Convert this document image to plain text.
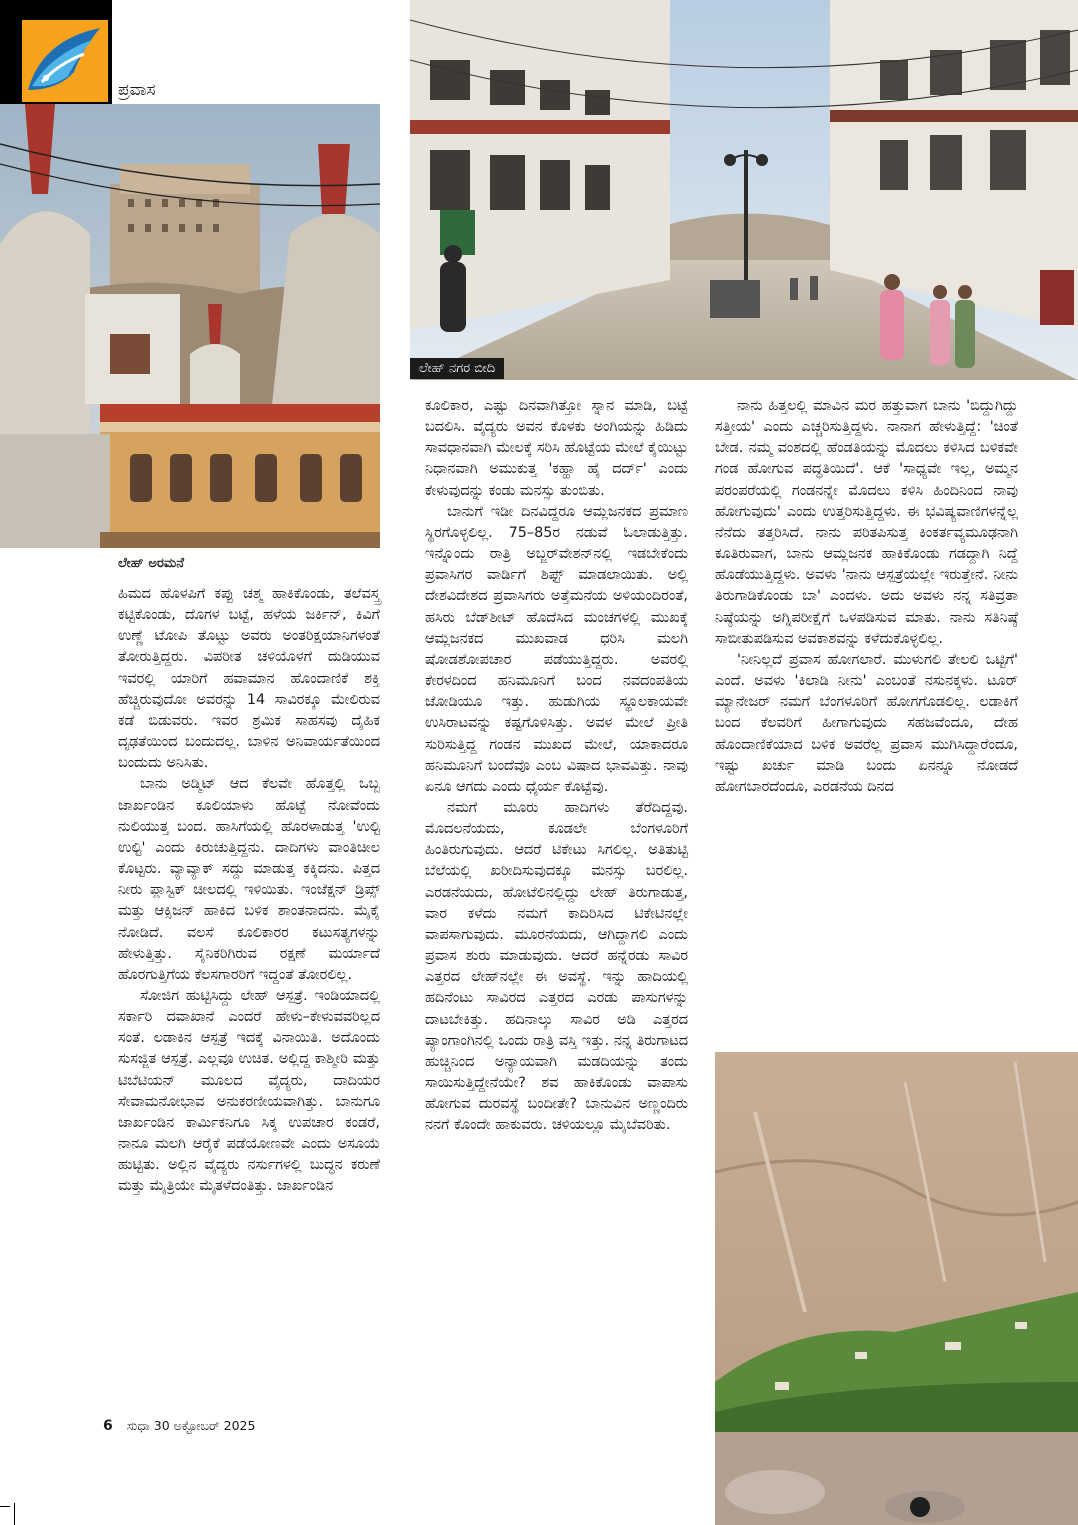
ಪ್ರವಾಸ
ಲೇಹ್ ಅರಮನೆ
ಲೇಹ್ ನಗರ ಬೀದಿ

ಹಿಮದ ಹೊಳಪಿಗೆ ಕಪ್ಪು ಚಶ್ಮ ಹಾಕಿಕೊಂಡು, ತಲೆವಸ್ತ್ರ ಕಟ್ಟಿಕೊಂಡು, ದೊಗಳ ಬಟ್ಟೆ, ಹಳೆಯ ಜರ್ಕಿನ್, ಕಿವಿಗೆ ಉಣ್ಣೆ ಟೋಪಿ ತೊಟ್ಟು ಅವರು ಅಂತರಿಕ್ಷಯಾನಿಗಳಂತೆ ತೋರುತ್ತಿದ್ದರು. ವಿಪರೀತ ಚಳಿಯೊಳಗೆ ದುಡಿಯುವ ಇವರಲ್ಲಿ ಯಾರಿಗೆ ಹವಾಮಾನ ಹೊಂದಾಣಿಕೆ ಶಕ್ತಿ ಹೆಚ್ಚಿರುವುದೋ ಅವರನ್ನು 14 ಸಾವಿರಕ್ಕೂ ಮೇಲಿರುವ ಕಡೆ ಬಿಡುವರು. ಇವರ ಶ್ರಮಿಕ ಸಾಹಸವು ದೈಹಿಕ ದೃಢತೆಯಿಂದ ಬಂದುದಲ್ಲ. ಬಾಳಿನ ಅನಿವಾರ್ಯತೆಯಿಂದ ಬಂದುದು ಅನಿಸಿತು.

ಬಾನು ಅಡ್ಮಿಟ್ ಆದ ಕೆಲವೇ ಹೊತ್ತಲ್ಲಿ ಒಬ್ಬ ಜಾರ್ಖಂಡಿನ ಕೂಲಿಯಾಳು ಹೊಟ್ಟೆ ನೋವೆಂದು ನುಲಿಯುತ್ತ ಬಂದ. ಹಾಸಿಗೆಯಲ್ಲಿ ಹೊರಳಾಡುತ್ತ 'ಉಲ್ಟಿ ಉಲ್ಟಿ' ಎಂದು ಕಿರುಚುತ್ತಿದ್ದನು. ದಾದಿಗಳು ವಾಂತಿಚೀಲ ಕೊಟ್ಟರು. ವ್ಯಾವ್ಯಾಕ್ ಸದ್ದು ಮಾಡುತ್ತ ಕಕ್ಕಿದನು. ಪಿತ್ತದ ನೀರು ಪ್ಲಾಸ್ಟಿಕ್ ಚೀಲದಲ್ಲಿ ಇಳಿಯಿತು. ಇಂಜೆಕ್ಷನ್ ಡ್ರಿಪ್ಸ್ ಮತ್ತು ಆಕ್ಸಿಜನ್ ಹಾಕಿದ ಬಳಿಕ ಶಾಂತನಾದನು. ಮೈಕೈ ನೋಡಿದೆ. ವಲಸೆ ಕೂಲಿಕಾರರ ಕಟುಸತ್ಯಗಳನ್ನು ಹೇಳುತ್ತಿತ್ತು. ಸೈನಿಕರಿಗಿರುವ ರಕ್ಷಣೆ ಮರ್ಯಾದೆ ಹೊರಗುತ್ತಿಗೆಯ ಕೆಲಸಗಾರರಿಗೆ ಇದ್ದಂತೆ ತೋರಲಿಲ್ಲ.

ಸೋಜಿಗ ಹುಟ್ಟಿಸಿದ್ದು ಲೇಹ್ ಆಸ್ಪತ್ರೆ. ಇಂಡಿಯಾದಲ್ಲಿ ಸರ್ಕಾರಿ ದವಾಖಾನೆ ಎಂದರೆ ಹೇಳು–ಕೇಳುವವರಿಲ್ಲದ ಸಂತೆ. ಲಡಾಕಿನ ಆಸ್ಪತ್ರೆ ಇದಕ್ಕೆ ವಿನಾಯಿತಿ. ಅದೊಂದು ಸುಸಜ್ಜಿತ ಆಸ್ಪತ್ರೆ. ಎಲ್ಲವೂ ಉಚಿತ. ಅಲ್ಲಿದ್ದ ಕಾಶ್ಮೀರಿ ಮತ್ತು ಟಿಬೆಟಿಯನ್ ಮೂಲದ ವೈದ್ಯರು, ದಾದಿಯರ ಸೇವಾಮನೋಭಾವ ಅನುಕರಣೀಯವಾಗಿತ್ತು. ಬಾನುಗೂ ಜಾರ್ಖಂಡಿನ ಕಾರ್ಮಿಕನಿಗೂ ಸಿಕ್ಕ ಉಪಚಾರ ಕಂಡರೆ, ನಾನೂ ಮಲಗಿ ಆರೈಕೆ ಪಡೆಯೋಣವೇ ಎಂದು ಅಸೂಯೆ ಹುಟ್ಟಿತು. ಅಲ್ಲಿನ ವೈದ್ಯರು ನರ್ಸುಗಳಲ್ಲಿ ಬುದ್ಧನ ಕರುಣೆ ಮತ್ತು ಮೈತ್ರಿಯೇ ಮೈತಳೆದಂತಿತ್ತು. ಜಾರ್ಖಂಡಿನ

ಕೂಲಿಕಾರ, ಎಷ್ಟು ದಿನವಾಗಿತ್ತೋ ಸ್ನಾನ ಮಾಡಿ, ಬಟ್ಟೆ ಬದಲಿಸಿ. ವೈದ್ಯರು ಅವನ ಕೊಳಕು ಅಂಗಿಯನ್ನು ಹಿಡಿದು ಸಾವಧಾನವಾಗಿ ಮೇಲಕ್ಕೆ ಸರಿಸಿ ಹೊಟ್ಟೆಯ ಮೇಲೆ ಕೈಯಿಟ್ಟು ನಿಧಾನವಾಗಿ ಅಮುಕುತ್ತ 'ಕಹ್ಹಾ ಹೈ ದರ್ದ್' ಎಂದು ಕೇಳುವುದನ್ನು ಕಂಡು ಮನಸ್ಸು ತುಂಬಿತು.

ಬಾನುಗೆ ಇಡೀ ದಿನವಿದ್ದರೂ ಆಮ್ಲಜನಕದ ಪ್ರಮಾಣ ಸ್ಥಿರಗೊಳ್ಳಲಿಲ್ಲ. 75–85ರ ನಡುವೆ ಓಲಾಡುತ್ತಿತ್ತು. ಇನ್ನೊಂದು ರಾತ್ರಿ ಅಬ್ಜರ್‌ವೇಶನ್‌ನಲ್ಲಿ ಇಡಬೇಕೆಂದು ಪ್ರವಾಸಿಗರ ವಾರ್ಡಿಗೆ ಶಿಫ್ಟ್ ಮಾಡಲಾಯಿತು. ಅಲ್ಲಿ ದೇಶವಿದೇಶದ ಪ್ರವಾಸಿಗರು ಅತ್ತೆಮನೆಯ ಅಳಿಯಂದಿರಂತೆ, ಹಸಿರು ಬೆಡ್‌ಶೀಟ್ ಹೊದೆಸಿದ ಮಂಚಗಳಲ್ಲಿ ಮುಖಕ್ಕೆ ಆಮ್ಲಜನಕದ ಮುಖವಾಡ ಧರಿಸಿ ಮಲಗಿ ಷೋಡಶೋಪಚಾರ ಪಡೆಯುತ್ತಿದ್ದರು. ಅವರಲ್ಲಿ ಕೇರಳದಿಂದ ಹನಿಮೂನಿಗೆ ಬಂದ ನವದಂಪತಿಯ ಜೋಡಿಯೂ ಇತ್ತು. ಹುಡುಗಿಯ ಸ್ಥೂಲಕಾಯವೇ ಉಸಿರಾಟವನ್ನು ಕಷ್ಟಗೊಳಿಸಿತ್ತು. ಅವಳ ಮೇಲೆ ಪ್ರೀತಿ ಸುರಿಸುತ್ತಿದ್ದ ಗಂಡನ ಮುಖದ ಮೇಲೆ, ಯಾಕಾದರೂ ಹನಿಮೂನಿಗೆ ಬಂದೆವೊ ಎಂಬ ವಿಷಾದ ಭಾವವಿತ್ತು. ನಾವು ಏನೂ ಆಗದು ಎಂದು ಧೈರ್ಯ ಕೊಟ್ಟೆವು.

ನಮಗೆ ಮೂರು ಹಾದಿಗಳು ತೆರೆದಿದ್ದವು. ಮೊದಲನೆಯದು, ಕೂಡಲೇ ಬೆಂಗಳೂರಿಗೆ ಹಿಂತಿರುಗುವುದು. ಆದರೆ ಟಿಕೇಟು ಸಿಗಲಿಲ್ಲ. ಅತಿತುಟ್ಟಿ ಬೆಲೆಯಲ್ಲಿ ಖರೀದಿಸುವುದಕ್ಕೂ ಮನಸ್ಸು ಬರಲಿಲ್ಲ. ಎರಡನೆಯದು, ಹೋಟೆಲಿನಲ್ಲಿದ್ದು ಲೇಹ್ ತಿರುಗಾಡುತ್ತ, ವಾರ ಕಳೆದು ನಮಗೆ ಕಾದಿರಿಸಿದ ಟಿಕೇಟಿನಲ್ಲೇ ವಾಪಸಾಗುವುದು. ಮೂರನೆಯದು, ಆಗಿದ್ದಾಗಲಿ ಎಂದು ಪ್ರವಾಸ ಶುರು ಮಾಡುವುದು. ಆದರೆ ಹನ್ನೆರಡು ಸಾವಿರ ಎತ್ತರದ ಲೇಹ್‌ನಲ್ಲೇ ಈ ಅವಸ್ಥೆ. ಇನ್ನು ಹಾದಿಯಲ್ಲಿ ಹದಿನೆಂಟು ಸಾವಿರದ ಎತ್ತರದ ಎರಡು ಪಾಸುಗಳನ್ನು ದಾಟಬೇಕಿತ್ತು. ಹದಿನಾಲ್ಕು ಸಾವಿರ ಅಡಿ ಎತ್ತರದ ಪ್ಯಾಂಗಾಂಗಿನಲ್ಲಿ ಒಂದು ರಾತ್ರಿ ವಸ್ತಿ ಇತ್ತು. ನನ್ನ ತಿರುಗಾಟದ ಹುಚ್ಚಿನಿಂದ ಅನ್ಯಾಯವಾಗಿ ಮಡದಿಯನ್ನು ತಂದು ಸಾಯಿಸುತ್ತಿದ್ದೇನೆಯೇ? ಶವ ಹಾಕಿಕೊಂಡು ವಾಪಾಸು ಹೋಗುವ ದುರವಸ್ಥೆ ಬಂದೀತೇ? ಬಾನುವಿನ ಅಣ್ಣಂದಿರು ನನಗೆ ಕೊಂದೇ ಹಾಕುವರು. ಚಳಿಯಲ್ಲೂ ಮೈಬೆವರಿತು.

ನಾನು ಹಿತ್ತಲಲ್ಲಿ ಮಾವಿನ ಮರ ಹತ್ತುವಾಗ ಬಾನು 'ಬಿದ್ದುಗಿದ್ದು ಸತ್ತೀಯ' ಎಂದು ಎಚ್ಚರಿಸುತ್ತಿದ್ದಳು. ನಾನಾಗ ಹೇಳುತ್ತಿದ್ದೆ: 'ಚಿಂತೆ ಬೇಡ. ನಮ್ಮ ವಂಶದಲ್ಲಿ ಹೆಂಡತಿಯನ್ನು ಮೊದಲು ಕಳಿಸಿದ ಬಳಿಕವೇ ಗಂಡ ಹೋಗುವ ಪದ್ಧತಿಯಿದೆ'. ಆಕೆ 'ಸಾಧ್ಯವೇ ಇಲ್ಲ, ಅಮ್ಮನ ಪರಂಪರೆಯಲ್ಲಿ ಗಂಡನನ್ನೇ ಮೊದಲು ಕಳಿಸಿ ಹಿಂದಿನಿಂದ ನಾವು ಹೋಗುವುದು' ಎಂದು ಉತ್ತರಿಸುತ್ತಿದ್ದಳು. ಈ ಭವಿಷ್ಯವಾಣಿಗಳನ್ನೆಲ್ಲ ನೆನೆದು ತತ್ತರಿಸಿದೆ. ನಾನು ಪರಿತಪಿಸುತ್ತ ಕಿಂಕರ್ತವ್ಯಮೂಢನಾಗಿ ಕೂತಿರುವಾಗ, ಬಾನು ಆಮ್ಲಜನಕ ಹಾಕಿಕೊಂಡು ಗಡದ್ದಾಗಿ ನಿದ್ದೆ ಹೊಡೆಯುತ್ತಿದ್ದಳು. ಅವಳು 'ನಾನು ಆಸ್ಪತ್ರೆಯಲ್ಲೇ ಇರುತ್ತೇನೆ. ನೀನು ತಿರುಗಾಡಿಕೊಂಡು ಬಾ' ಎಂದಳು. ಅದು ಅವಳು ನನ್ನ ಸತಿವ್ರತಾ ನಿಷ್ಠೆಯನ್ನು ಅಗ್ನಿಪರೀಕ್ಷೆಗೆ ಒಳಪಡಿಸುವ ಮಾತು. ನಾನು ಸತಿನಿಷ್ಠೆ ಸಾಬೀತುಪಡಿಸುವ ಅವಕಾಶವನ್ನು ಕಳೆದುಕೊಳ್ಳಲಿಲ್ಲ.

'ನೀನಿಲ್ಲದೆ ಪ್ರವಾಸ ಹೋಗಲಾರೆ. ಮುಳುಗಲಿ ತೇಲಲಿ ಒಟ್ಟಿಗೆ' ಎಂದೆ. ಅವಳು 'ಕಿಲಾಡಿ ನೀನು' ಎಂಬಂತೆ ನಸುನಕ್ಕಳು. ಟೂರ್ ಮ್ಯಾನೇಜರ್ ನಮಗೆ ಬೆಂಗಳೂರಿಗೆ ಹೋಗಗೊಡಲಿಲ್ಲ. ಲಡಾಕಿಗೆ ಬಂದ ಕೆಲವರಿಗೆ ಹೀಗಾಗುವುದು ಸಹಜವೆಂದೂ, ದೇಹ ಹೊಂದಾಣಿಕೆಯಾದ ಬಳಿಕ ಅವರೆಲ್ಲ ಪ್ರವಾಸ ಮುಗಿಸಿದ್ದಾರೆಂದೂ, ಇಷ್ಟು ಖರ್ಚು ಮಾಡಿ ಬಂದು ಏನನ್ನೂ ನೋಡದೆ ಹೋಗಬಾರದೆಂದೂ, ಎರಡನೆಯ ದಿನದ

6 ಸುಧಾ 30 ಅಕ್ಟೋಬರ್ 2025
